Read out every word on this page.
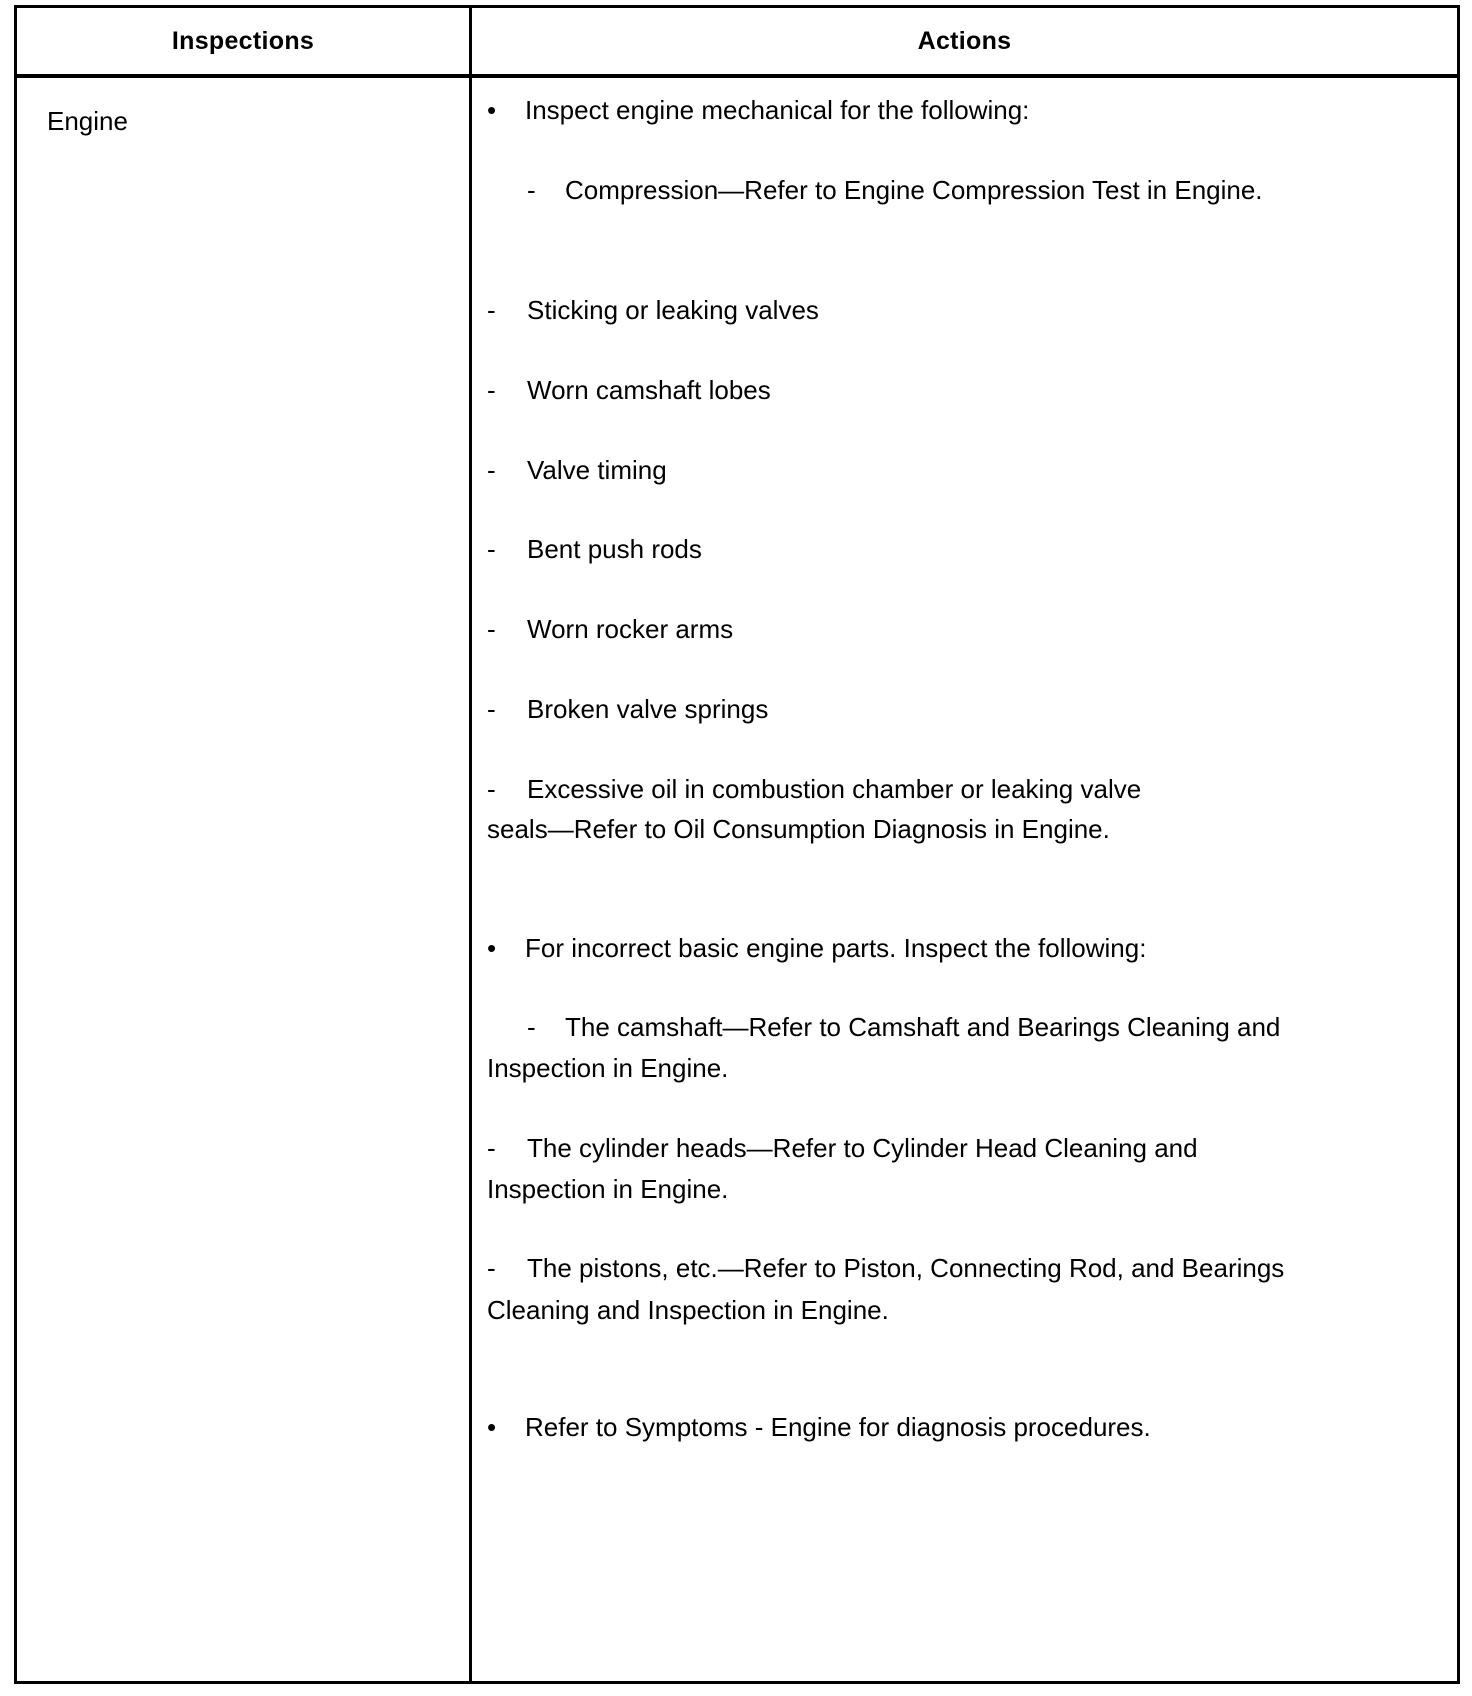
Inspections	Actions
Engine	• Inspect engine mechanical for the following:
- Compression—Refer to Engine Compression Test in Engine.
- Sticking or leaking valves
- Worn camshaft lobes
- Valve timing
- Bent push rods
- Worn rocker arms
- Broken valve springs
- Excessive oil in combustion chamber or leaking valve
seals—Refer to Oil Consumption Diagnosis in Engine.
• For incorrect basic engine parts. Inspect the following:
- The camshaft—Refer to Camshaft and Bearings Cleaning and
Inspection in Engine.
- The cylinder heads—Refer to Cylinder Head Cleaning and
Inspection in Engine.
- The pistons, etc.—Refer to Piston, Connecting Rod, and Bearings
Cleaning and Inspection in Engine.
• Refer to Symptoms - Engine for diagnosis procedures.
